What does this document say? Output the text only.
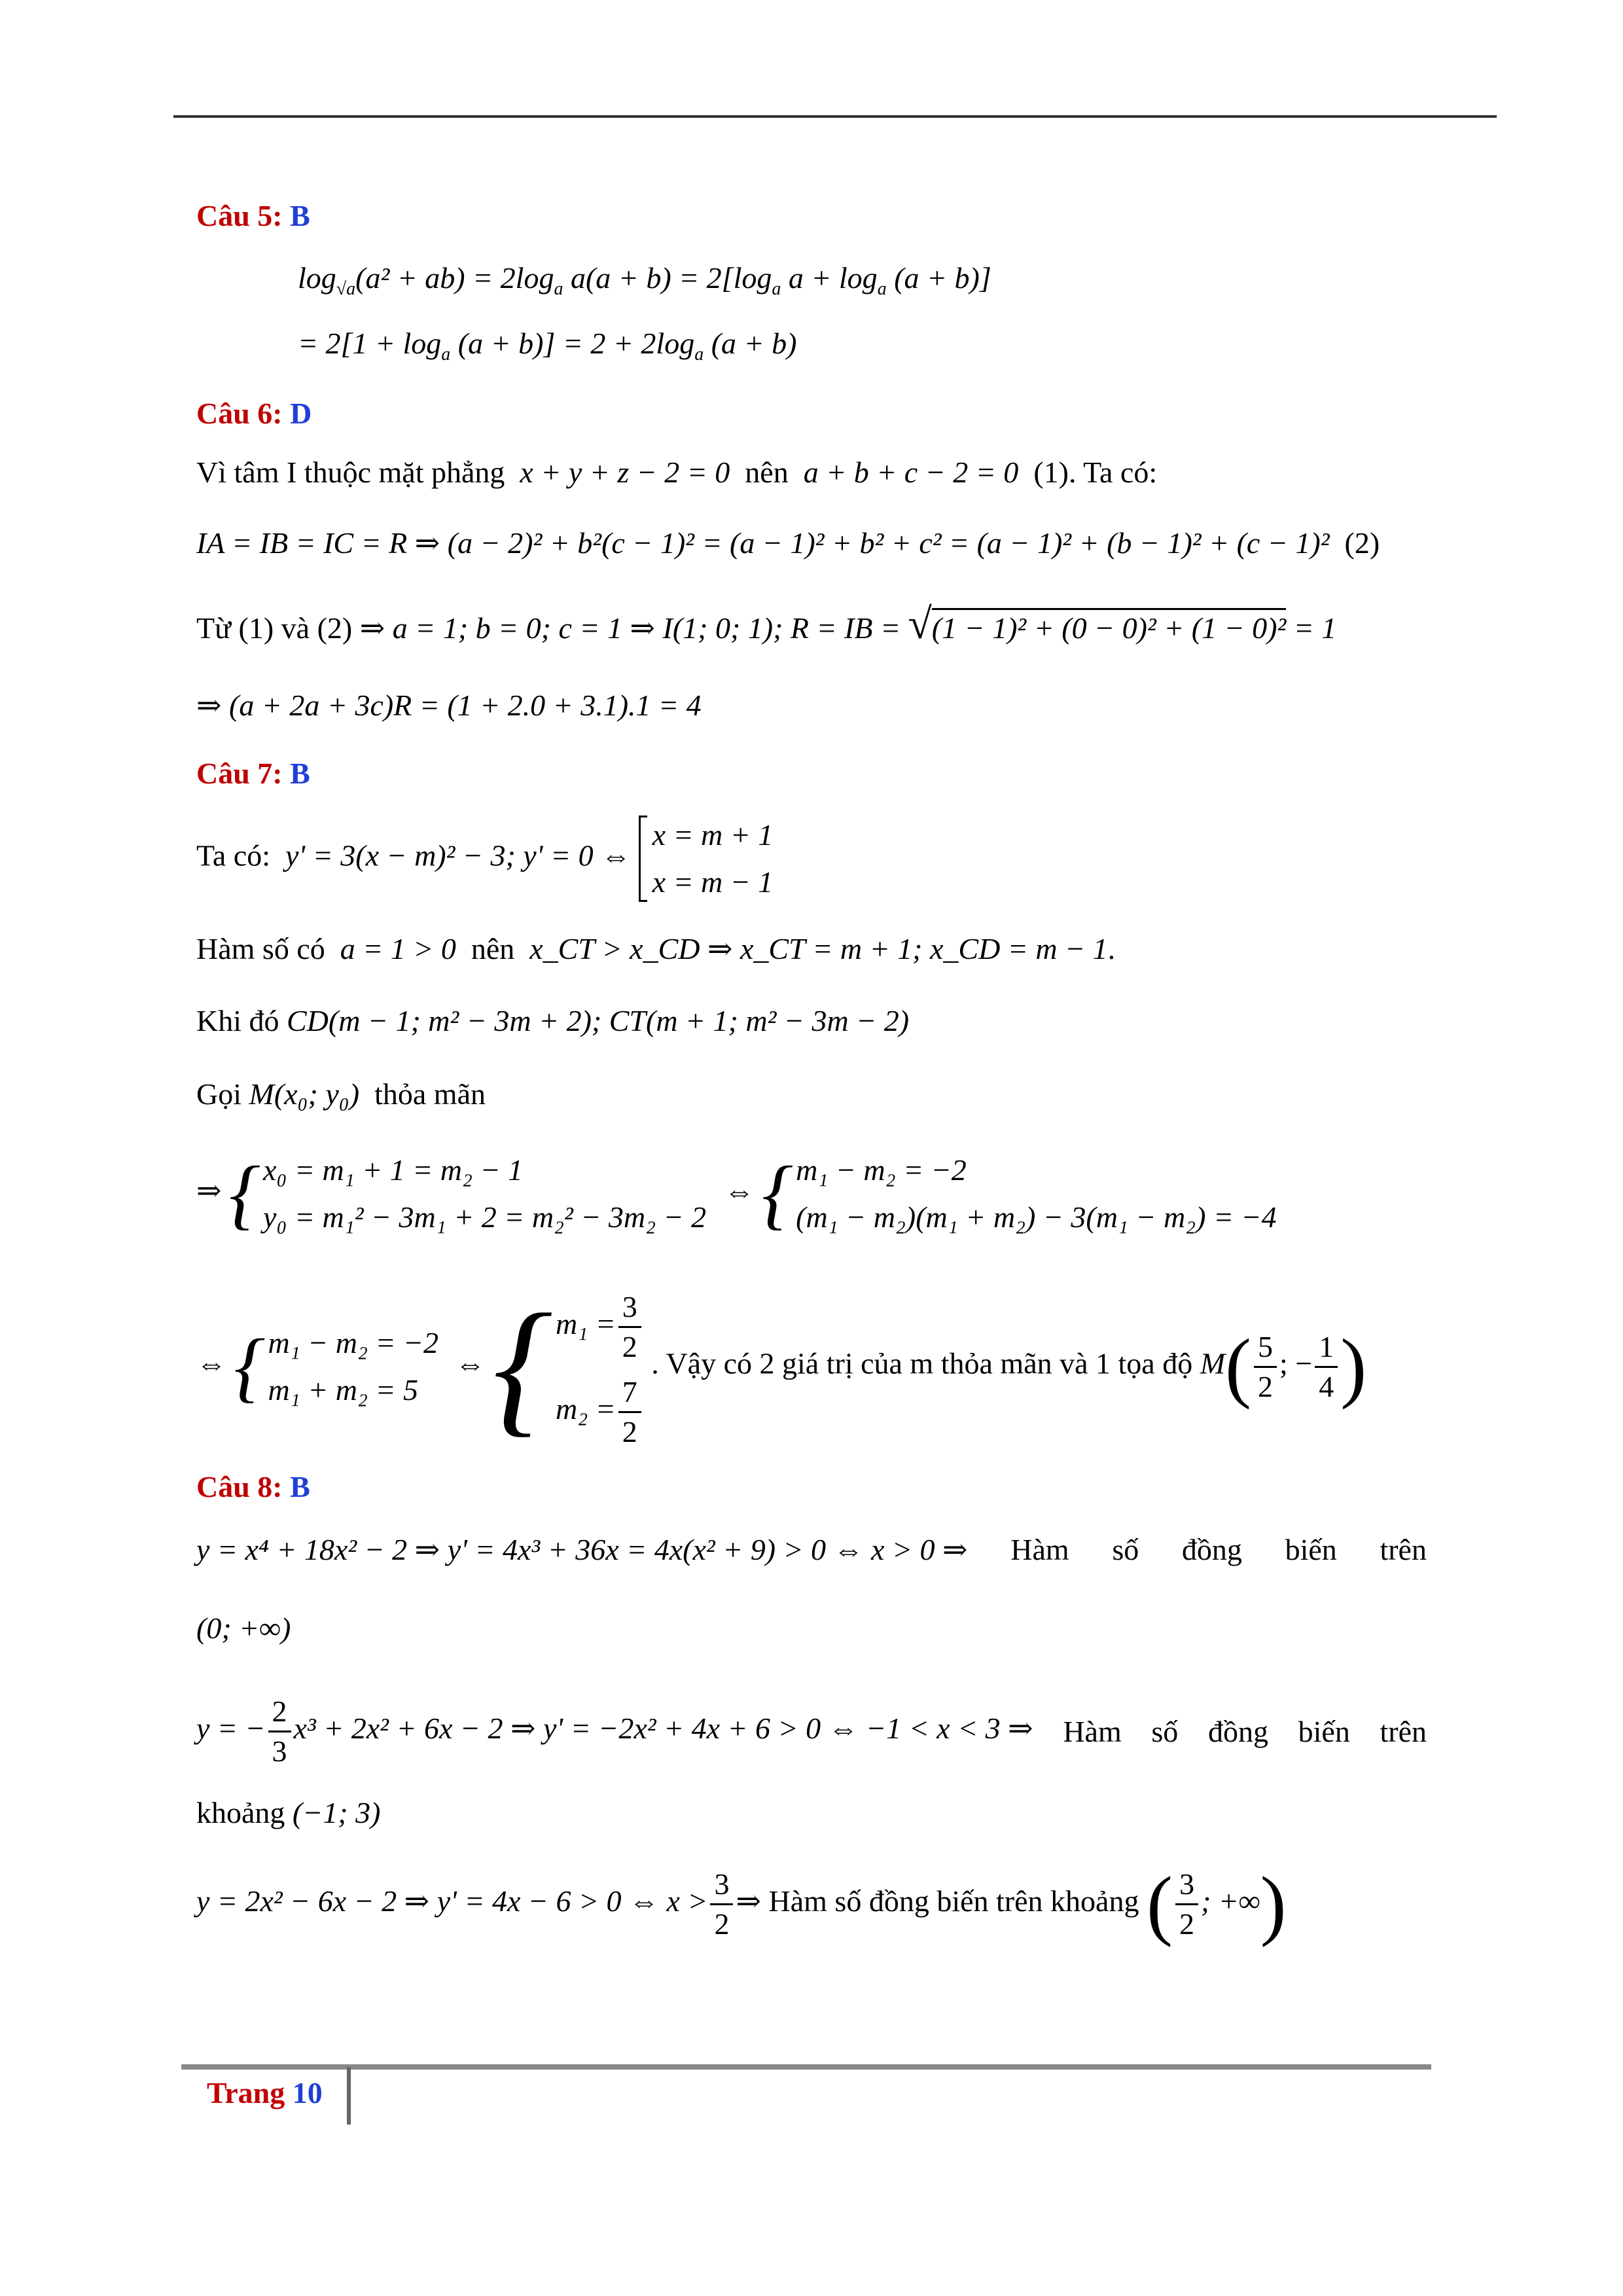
Câu 5: B
$\log_{√a}(a^2 + ab) = 2\log_a$ $a(a + b) = 2[\log_a$ $a + \log_a (a + b)$]
= $2[1 + \log_a (a + b)] = 2 + 2\log_a$ (a + b)
Câu 6: D
Vì tâm I thuộc mặt phẳng x + y + z − 2 = 0 nên a + b + c − 2 = 0 (1). Ta có:
IA = IB = IC = R ⇒ (a − 2)² + b²(c − 1)² = (a − 1)² + b² + c² = (a − 1)² + (b − 1)² + (c − 1)² (2)
Từ (1) và (2) ⇒ a = 1; b = 0; c = 1 ⇒ I(1; 0; 1); R = IB = √(1 − 1)² + (0 − 0)² + (1 − 0)² = 1
⇒ (a + 2a + 3c)R = (1 + 2.0 + 3.1).1 = 4
Câu 7: B
Ta có: y' = 3(x − m)² − 3; y' = 0 ⇔
x = m + 1
x = m − 1
Hàm số có a = 1 > 0 nên x_CT > x_CD ⇒ x_CT = m + 1; x_CD = m − 1.
Khi đó CD(m − 1; m² − 3m + 2); CT(m + 1; m² − 3m − 2)
Gọi M(x₀; y₀) thỏa mãn
⇒ { x₀ = m₁ + 1 = m₂ − 1
y₀ = m₁² − 3m₁ + 2 = m₂² − 3m₂ − 2
⇔ { m₁ − m₂ = −2
(m₁ − m₂)(m₁ + m₂) − 3(m₁ − m₂) = −4
⇔ { m₁ − m₂ = −2
m₁ + m₂ = 5
⇔ { $m_1 = \frac{3}{2}$
$m_2 = \frac{7}{2}$
. Vậy có 2 giá trị của m thỏa mãn và 1 tọa độ $M( \frac{5}{2}$ ; − $\frac{1}{4}$ )
Câu 8: B
y = x⁴ + 18x² − 2 ⇒ y' = 4x³ + 36x = 4x(x² + 9) > 0 ⇔ x > 0 ⇒ Hàm số đồng biến trên
(0; +∞)
y = − $\frac{2}{3} x^3 + 2x^2 + 6x - 2$ ⇒ y' = −2x² + 4x + 6 > 0 ⇔ −1 < x < 3 ⇒ Hàm số đồng biến trên
khoảng (−1; 3)
y = 2x² − 6x − 2 ⇒ y' = 4x − 6 > 0 ⇔ $x > \frac{3}{2}$ ⇒ Hàm số đồng biến trên khoảng ( $\frac{3}{2}$ ; +∞)
Trang 10
